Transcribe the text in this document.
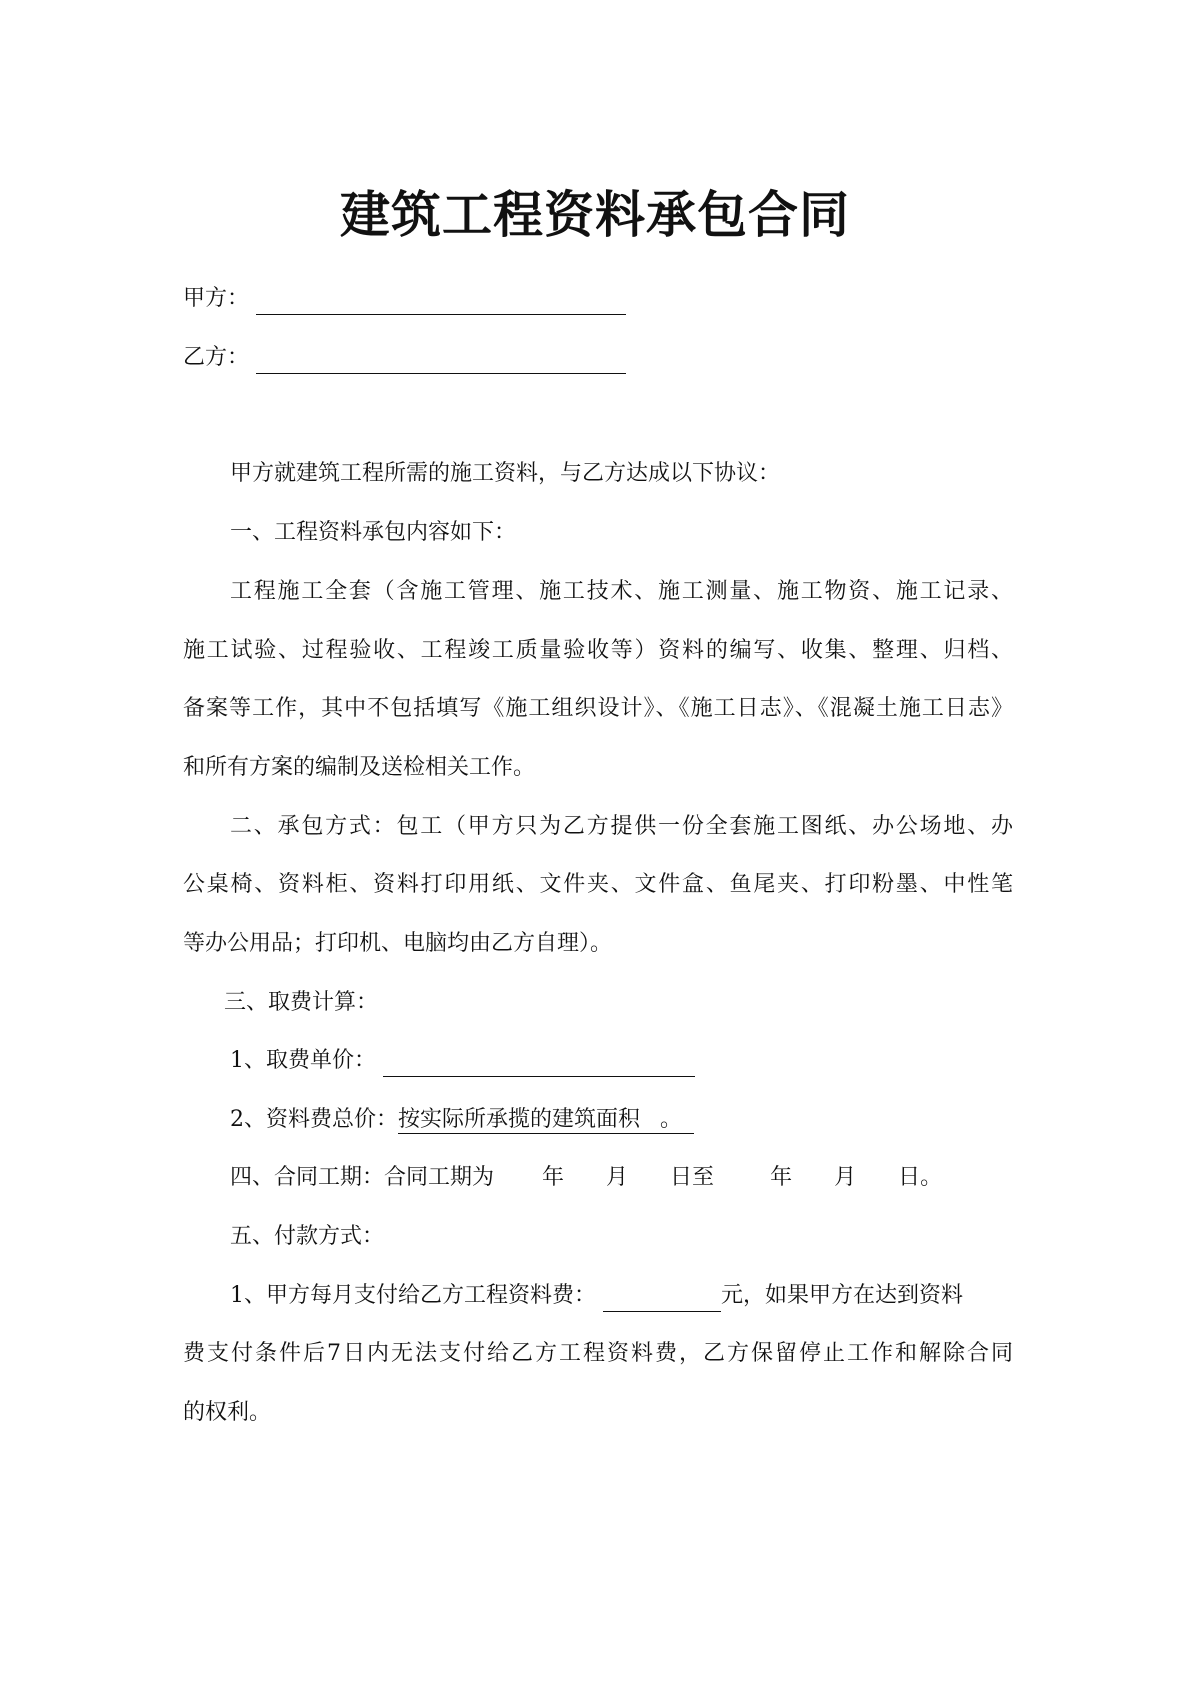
建筑工程资料承包合同
甲方：
乙方：
甲方就建筑工程所需的施工资料，与乙方达成以下协议：
一、工程资料承包内容如下：
工程施工全套（含施工管理、施工技术、施工测量、施工物资、施工记录、
施工试验、过程验收、工程竣工质量验收等）资料的编写、收集、整理、归档、
备案等工作，其中不包括填写《施工组织设计》、《施工日志》、《混凝土施工日志》
和所有方案的编制及送检相关工作。
二、承包方式：包工（甲方只为乙方提供一份全套施工图纸、办公场地、办
公桌椅、资料柜、资料打印用纸、文件夹、文件盒、鱼尾夹、打印粉墨、中性笔
等办公用品；打印机、电脑均由乙方自理）。
三、取费计算：
1、取费单价：
2、资料费总价：按实际所承揽的建筑面积 。
四、合同工期：合同工期为 年 月 日至	年 月 日。
五、付款方式：
1、甲方每月支付给乙方工程资料费：	元，如果甲方在达到资料
费支付条件后7日内无法支付给乙方工程资料费，乙方保留停止工作和解除合同
的权利。
